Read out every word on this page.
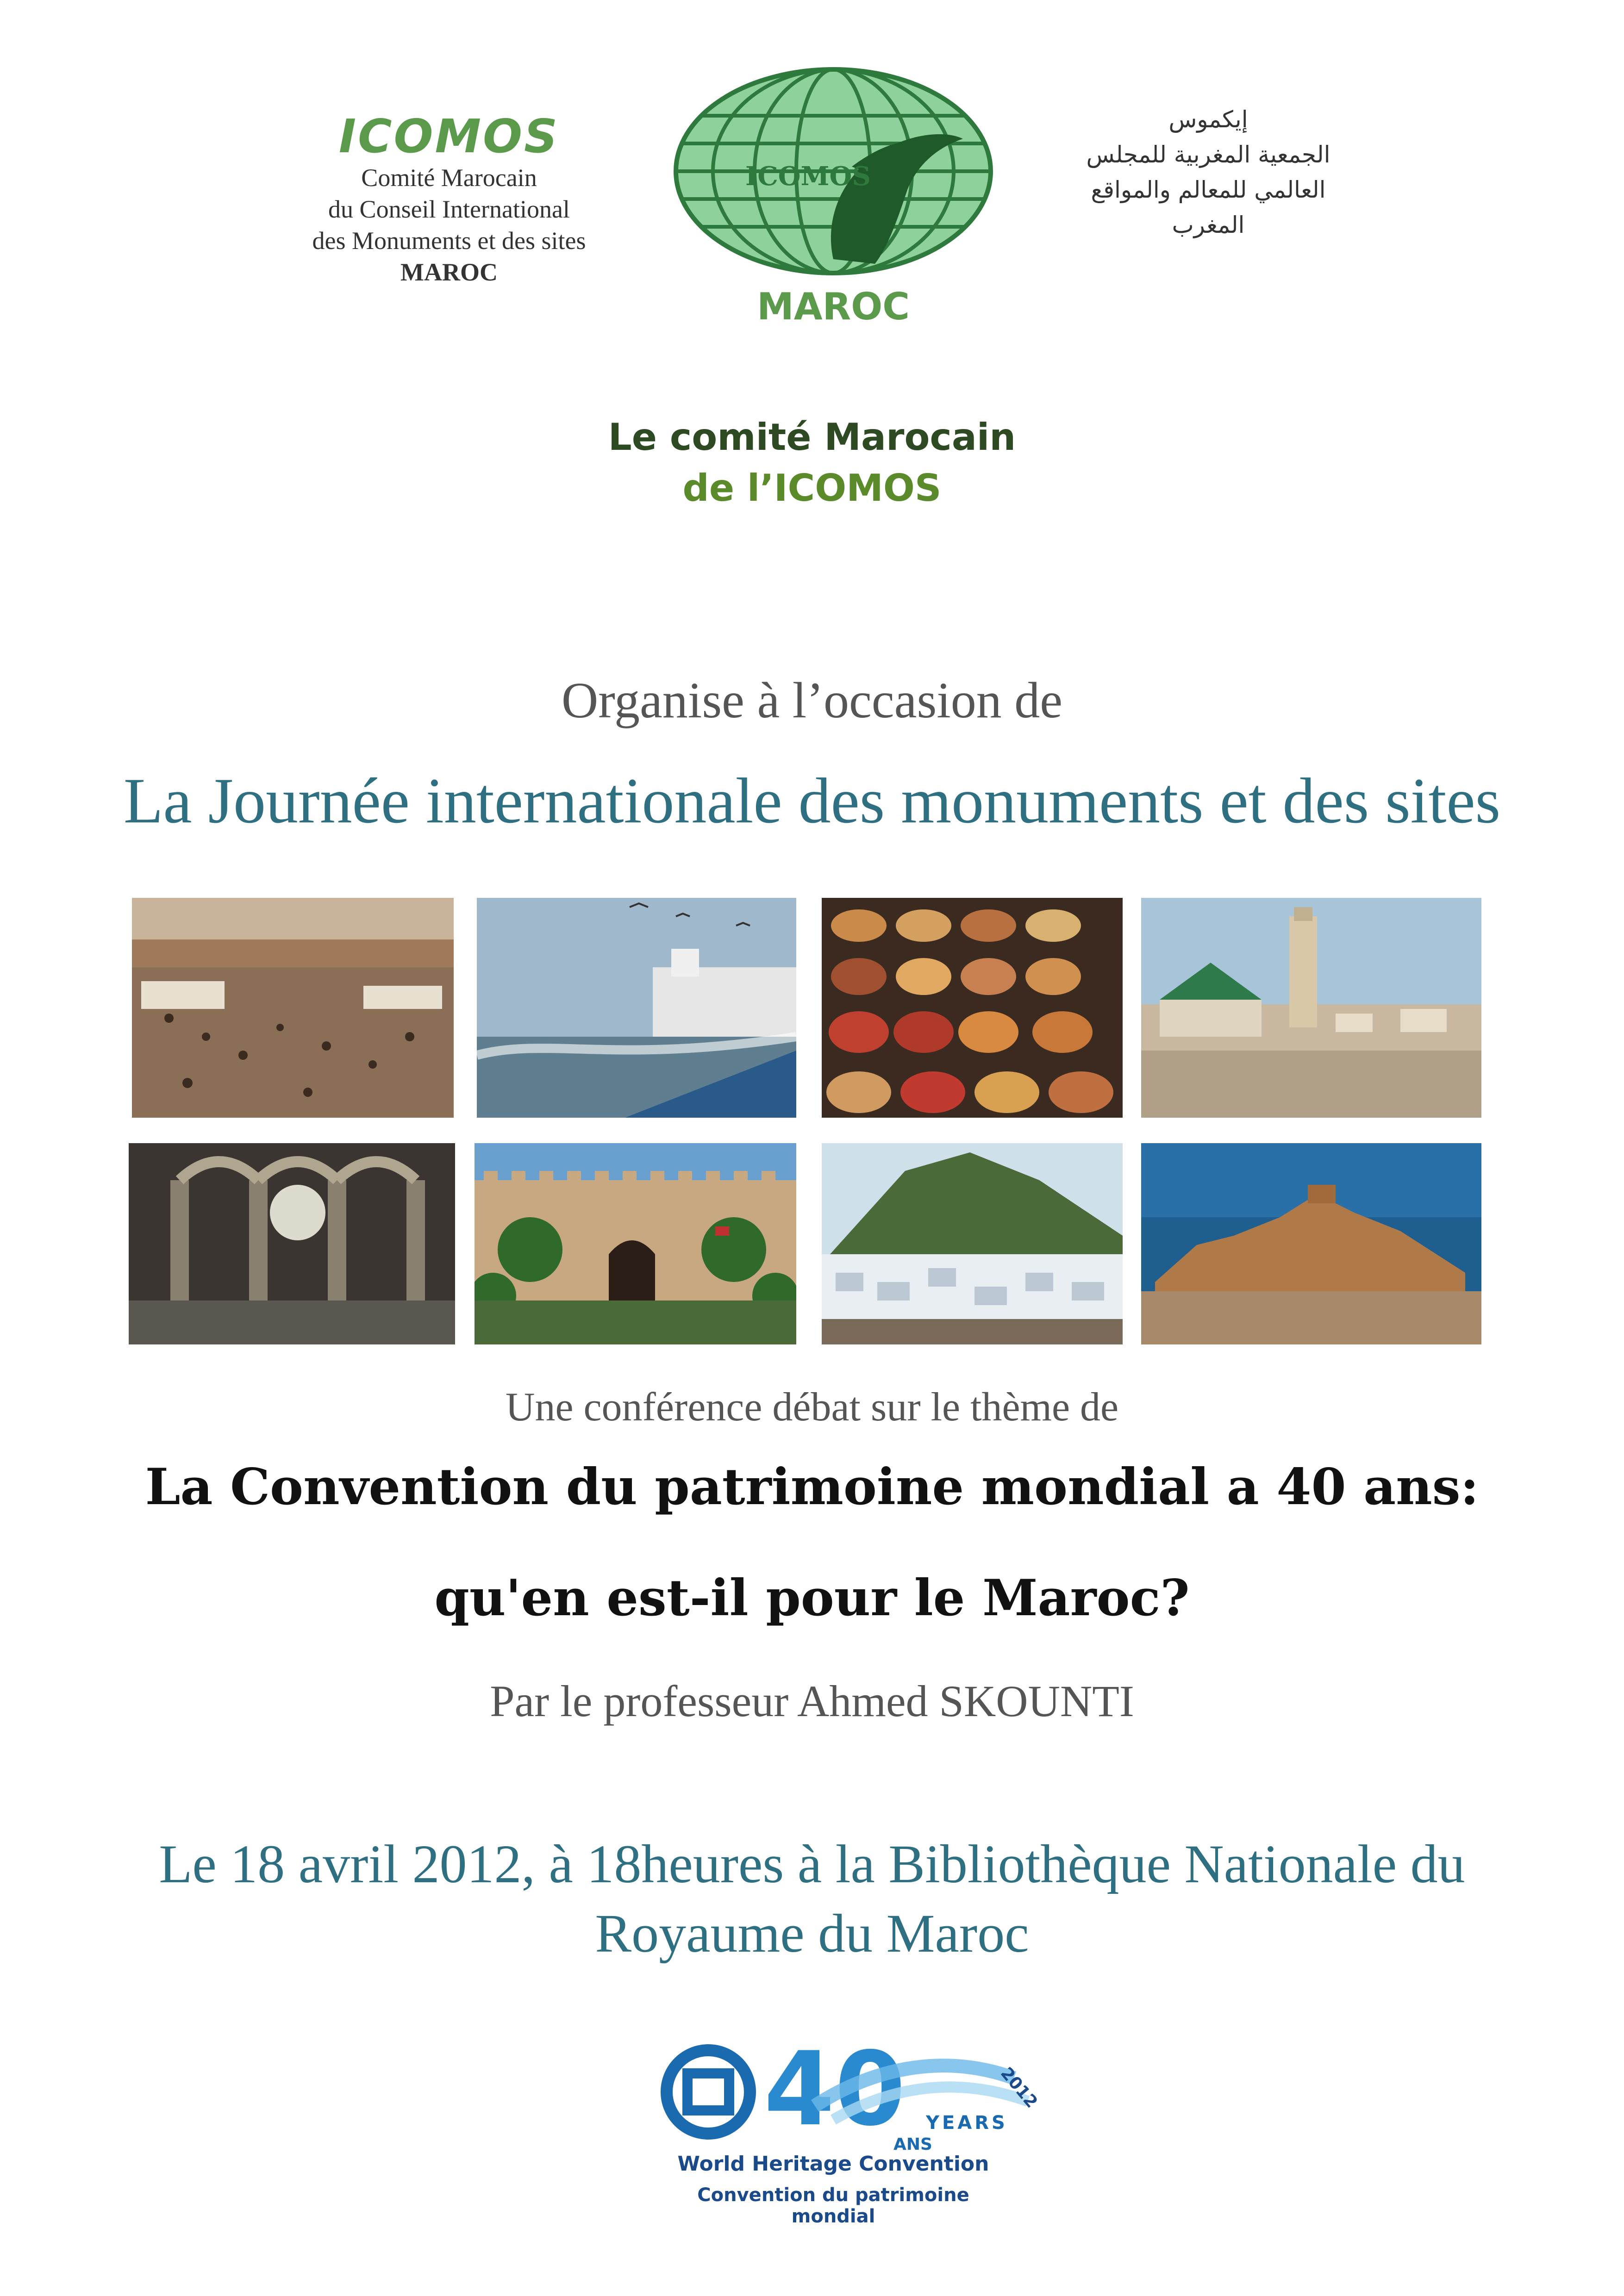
ICOMOS
Comité Marocain
du Conseil International
des Monuments et des sites
MAROC
ICOMOS
MAROC
إيكموس
الجمعية المغربية للمجلس
العالمي للمعالم والمواقع
المغرب
Le comité Marocain
de l’ICOMOS
Organise à l’occasion de
La Journée internationale des monuments et des sites
Une conférence débat sur le thème de
La Convention du patrimoine mondial a 40 ans:
qu'en est-il pour le Maroc?
Par le professeur Ahmed SKOUNTI
Le 18 avril 2012, à 18heures à la Bibliothèque Nationale du
Royaume du Maroc
40	2012
YEARS
ANS
World Heritage Convention
Convention du patrimoine mondial
